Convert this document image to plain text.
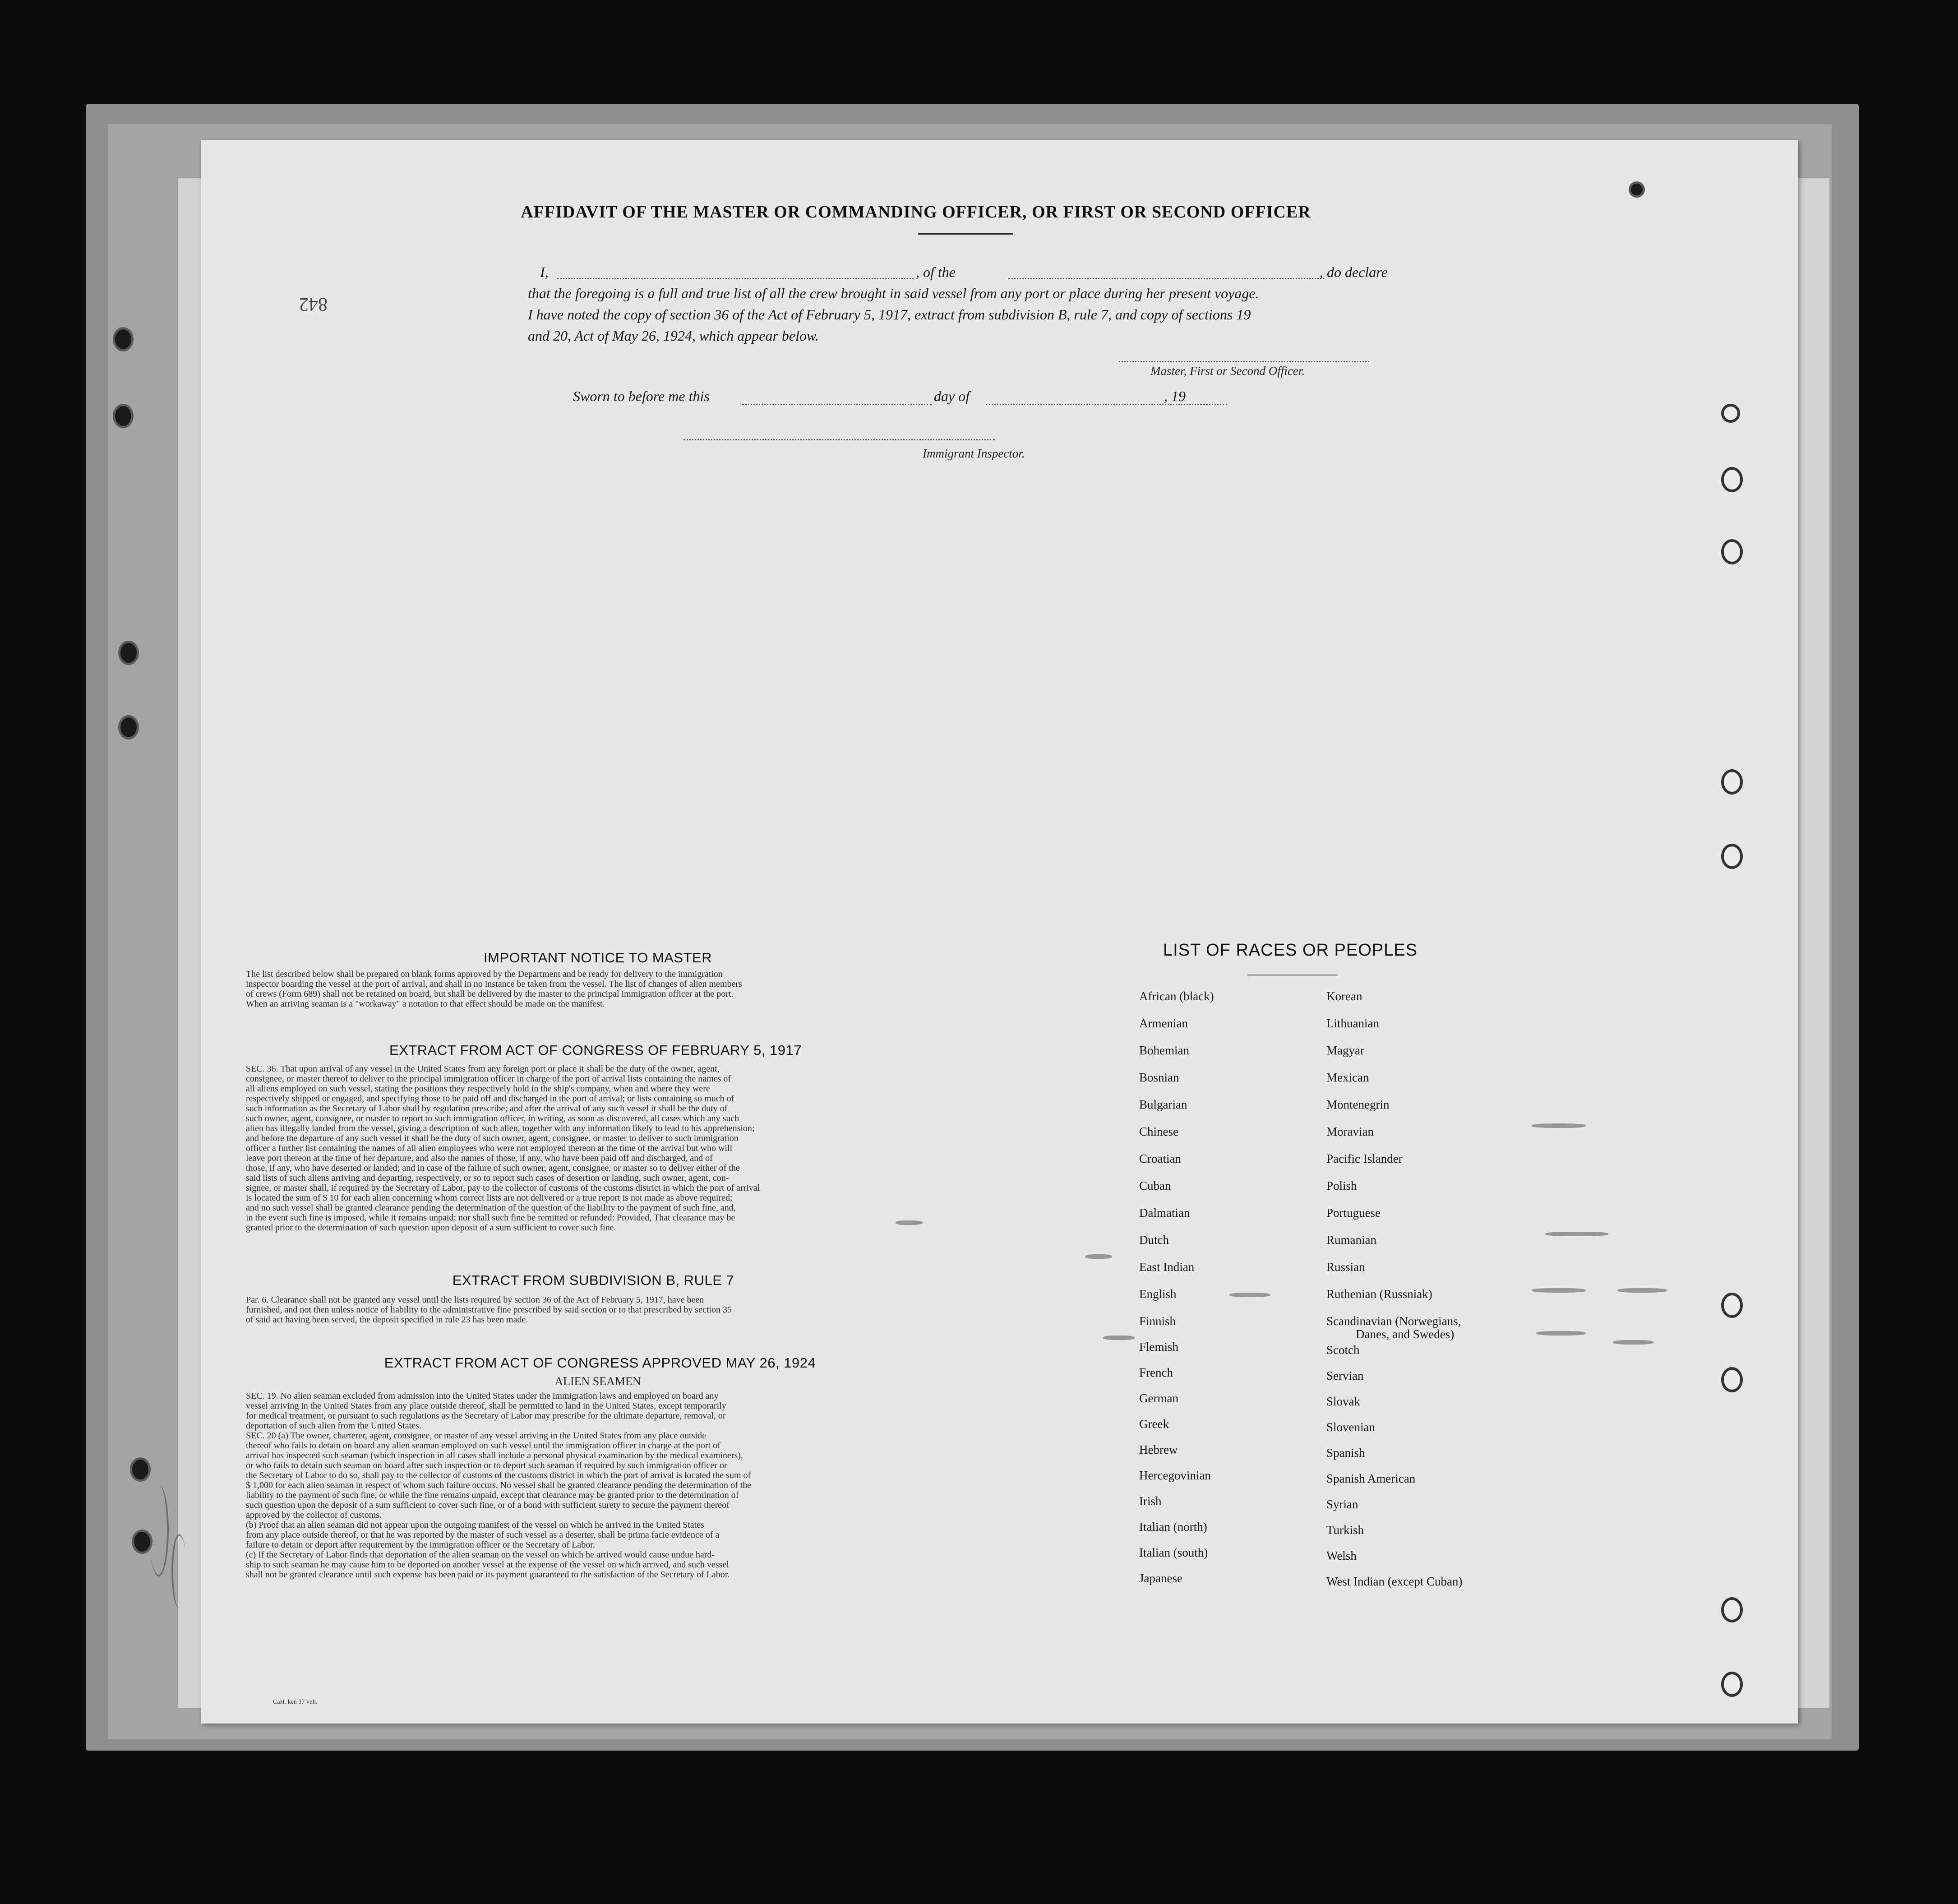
842
AFFIDAVIT OF THE MASTER OR COMMANDING OFFICER, OR FIRST OR SECOND OFFICER
I,	, of the	, do declare
that the foregoing is a full and true list of all the crew brought in said vessel from any port or place during her present voyage.
I have noted the copy of section 36 of the Act of February 5, 1917, extract from subdivision B, rule 7, and copy of sections 19
and 20, Act of May 26, 1924, which appear below.
Master, First or Second Officer.
Sworn to before me this	day of	, 19
Immigrant Inspector.
IMPORTANT NOTICE TO MASTER
The list described below shall be prepared on blank forms approved by the Department and be ready for delivery to the immigration
inspector boarding the vessel at the port of arrival, and shall in no instance be taken from the vessel. The list of changes of alien members
of crews (Form 689) shall not be retained on board, but shall be delivered by the master to the principal immigration officer at the port.
When an arriving seaman is a "workaway" a notation to that effect should be made on the manifest.
EXTRACT FROM ACT OF CONGRESS OF FEBRUARY 5, 1917
SEC. 36. That upon arrival of any vessel in the United States from any foreign port or place it shall be the duty of the owner, agent,
consignee, or master thereof to deliver to the principal immigration officer in charge of the port of arrival lists containing the names of
all aliens employed on such vessel, stating the positions they respectively hold in the ship's company, when and where they were
respectively shipped or engaged, and specifying those to be paid off and discharged in the port of arrival; or lists containing so much of
such information as the Secretary of Labor shall by regulation prescribe; and after the arrival of any such vessel it shall be the duty of
such owner, agent, consignee, or master to report to such immigration officer, in writing, as soon as discovered, all cases which any such
alien has illegally landed from the vessel, giving a description of such alien, together with any information likely to lead to his apprehension;
and before the departure of any such vessel it shall be the duty of such owner, agent, consignee, or master to deliver to such immigration
officer a further list containing the names of all alien employees who were not employed thereon at the time of the arrival but who will
leave port thereon at the time of her departure, and also the names of those, if any, who have been paid off and discharged, and of
those, if any, who have deserted or landed; and in case of the failure of such owner, agent, consignee, or master so to deliver either of the
said lists of such aliens arriving and departing, respectively, or so to report such cases of desertion or landing, such owner, agent, con-
signee, or master shall, if required by the Secretary of Labor, pay to the collector of customs of the customs district in which the port of arrival
is located the sum of $ 10 for each alien concerning whom correct lists are not delivered or a true report is not made as above required;
and no such vessel shall be granted clearance pending the determination of the question of the liability to the payment of such fine, and,
in the event such fine is imposed, while it remains unpaid; nor shall such fine be remitted or refunded: Provided, That clearance may be
granted prior to the determination of such question upon deposit of a sum sufficient to cover such fine.
EXTRACT FROM SUBDIVISION B, RULE 7
Par. 6. Clearance shall not be granted any vessel until the lists required by section 36 of the Act of February 5, 1917, have been
furnished, and not then unless notice of liability to the administrative fine prescribed by said section or to that prescribed by section 35
of said act having been served, the deposit specified in rule 23 has been made.
EXTRACT FROM ACT OF CONGRESS APPROVED MAY 26, 1924
ALIEN SEAMEN
SEC. 19. No alien seaman excluded from admission into the United States under the immigration laws and employed on board any
vessel arriving in the United States from any place outside thereof, shall be permitted to land in the United States, except temporarily
for medical treatment, or pursuant to such regulations as the Secretary of Labor may prescribe for the ultimate departure, removal, or
deportation of such alien from the United States.
SEC. 20 (a) The owner, charterer, agent, consignee, or master of any vessel arriving in the United States from any place outside
thereof who fails to detain on board any alien seaman employed on such vessel until the immigration officer in charge at the port of
arrival has inspected such seaman (which inspection in all cases shall include a personal physical examination by the medical examiners),
or who fails to detain such seaman on board after such inspection or to deport such seaman if required by such immigration officer or
the Secretary of Labor to do so, shall pay to the collector of customs of the customs district in which the port of arrival is located the sum of
$ 1,000 for each alien seaman in respect of whom such failure occurs. No vessel shall be granted clearance pending the determination of the
liability to the payment of such fine, or while the fine remains unpaid, except that clearance may be granted prior to the determination of
such question upon the deposit of a sum sufficient to cover such fine, or of a bond with sufficient surety to secure the payment thereof
approved by the collector of customs.
(b) Proof that an alien seaman did not appear upon the outgoing manifest of the vessel on which he arrived in the United States
from any place outside thereof, or that he was reported by the master of such vessel as a deserter, shall be prima facie evidence of a
failure to detain or deport after requirement by the immigration officer or the Secretary of Labor.
(c) If the Secretary of Labor finds that deportation of the alien seaman on the vessel on which he arrived would cause undue hard-
ship to such seaman he may cause him to be deported on another vessel at the expense of the vessel on which arrived, and such vessel
shall not be granted clearance until such expense has been paid or its payment guaranteed to the satisfaction of the Secretary of Labor.
LIST OF RACES OR PEOPLES
African (black)
Armenian
Bohemian
Bosnian
Bulgarian
Chinese
Croatian
Cuban
Dalmatian
Dutch
East Indian
English
Finnish
Flemish
French
German
Greek
Hebrew
Hercegovinian
Irish
Italian (north)
Italian (south)
Japanese
Korean
Lithuanian
Magyar
Mexican
Montenegrin
Moravian
Pacific Islander
Polish
Portuguese
Rumanian
Russian
Ruthenian (Russniak)
Scandinavian (Norwegians,
Danes, and Swedes)
Scotch
Servian
Slovak
Slovenian
Spanish
Spanish American
Syrian
Turkish
Welsh
West Indian (except Cuban)
CaH. ken 37 vnh.
